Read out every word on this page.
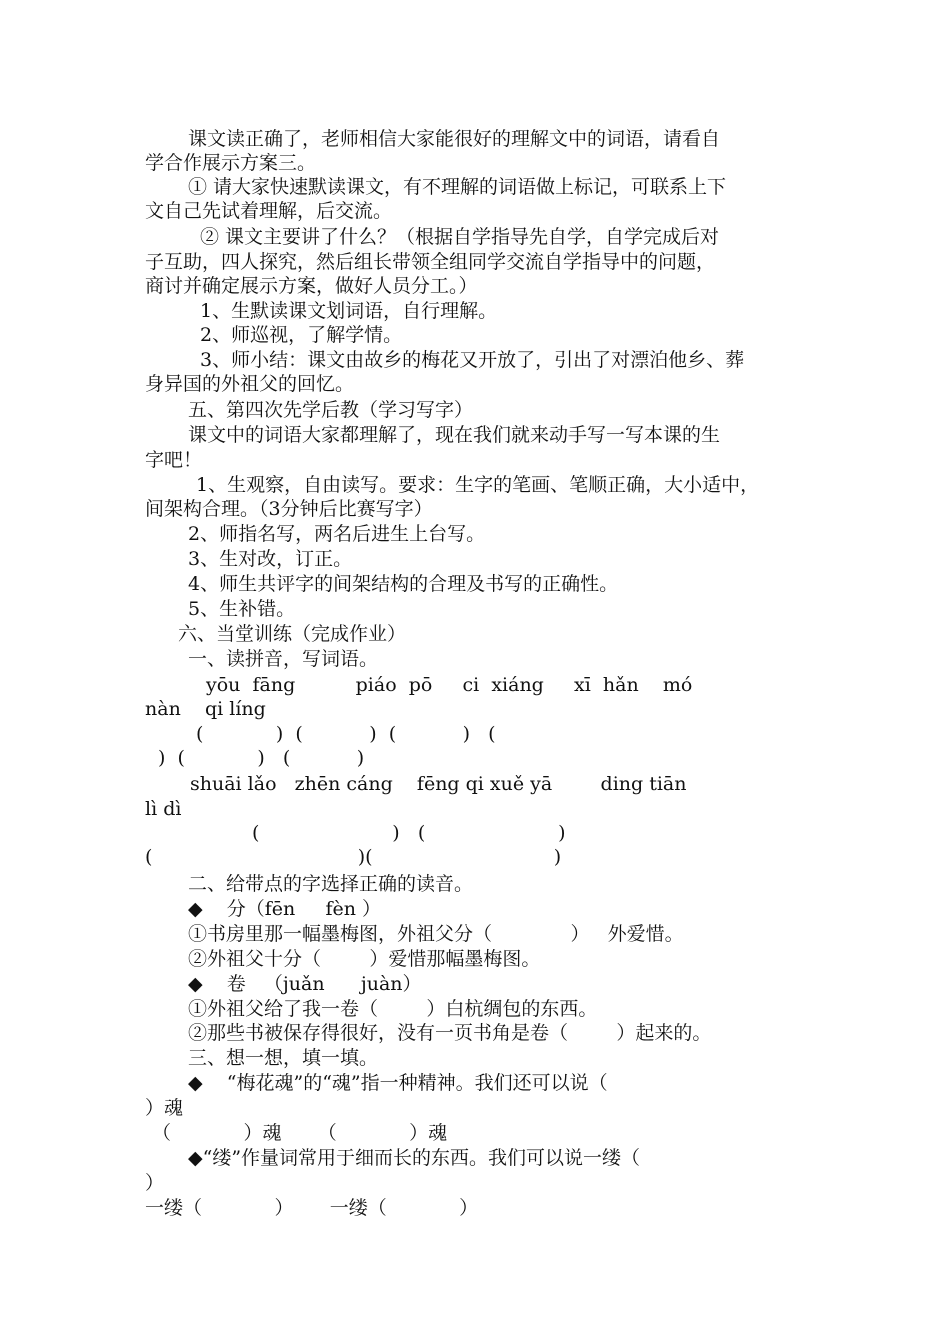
课文读正确了，老师相信大家能很好的理解文中的词语，请看自
学合作展示方案三。
① 请大家快速默读课文，有不理解的词语做上标记，可联系上下
文自己先试着理解，后交流。
② 课文主要讲了什么？（根据自学指导先自学，自学完成后对
子互助，四人探究，然后组长带领全组同学交流自学指导中的问题，
商讨并确定展示方案，做好人员分工。）
1、生默读课文划词语，自行理解。
2、师巡视，了解学情。
3、师小结：课文由故乡的梅花又开放了，引出了对漂泊他乡、葬
身异国的外祖父的回忆。
五、第四次先学后教（学习写字）
课文中的词语大家都理解了，现在我们就来动手写一写本课的生
字吧！
1、生观察，自由读写。要求：生字的笔画、笔顺正确，大小适中，
间架构合理。（3分钟后比赛写字）
2、师指名写，两名后进生上台写。
3、生对改，订正。
4、师生共评字的间架结构的合理及书写的正确性。
5、生补错。
六、当堂训练（完成作业）
一、读拼音，写词语。
yōu  fāng          piáo  pō     ci  xiáng     xī  hǎn    mó
nàn    qi líng
(            )  (           )  (           )   (
)  (            )   (           )
shuāi lǎo   zhēn cáng    fēng qi xuě yā        ding tiān
lì dì
(                      )   (                      )
(                                  )(                              )
二、给带点的字选择正确的读音。
◆    分（fēn     fèn ）
①书房里那一幅墨梅图，外祖父分（             ）   外爱惜。
②外祖父十分（        ）爱惜那幅墨梅图。
◆    卷   （juǎn      juàn）
①外祖父给了我一卷（        ）白杭绸包的东西。
②那些书被保存得很好，没有一页书角是卷（        ）起来的。
三、想一想，填一填。
◆    “梅花魂”的“魂”指一种精神。我们还可以说（
）魂
（            ）魂      （            ）魂
◆“缕”作量词常用于细而长的东西。我们可以说一缕（
）
一缕（            ）      一缕（            ）
